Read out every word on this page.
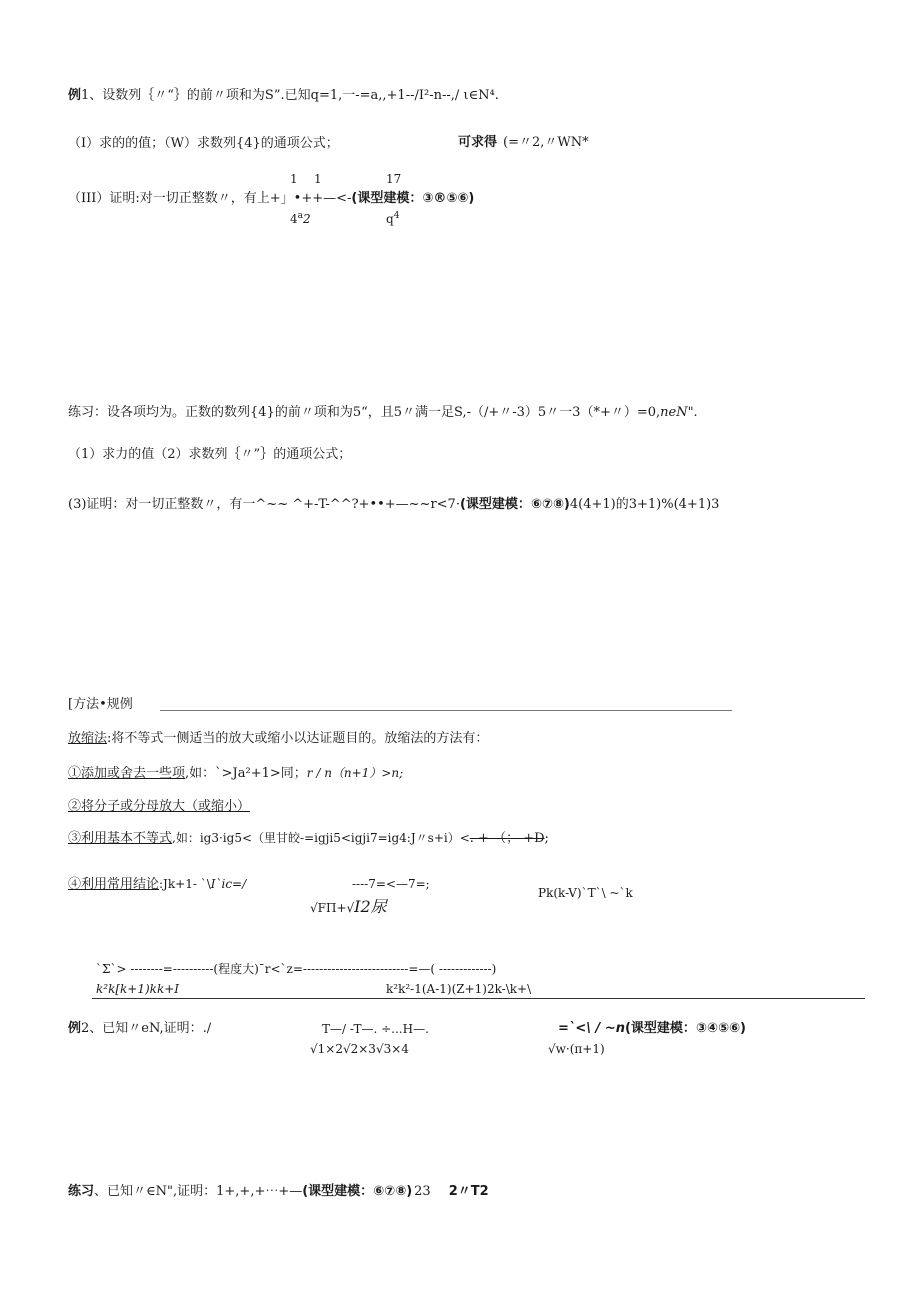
例1、设数列｛〃“｝的前〃项和为S”.已知q=1,一-=a,,+1--/I²-n--,/ ι∈N⁴.
（I）求的的值；（W）求数列{4}的通项公式；	可求得 (=〃2,〃WN*
1 1	17
（III）证明:对一切正整数〃，有上+」•++—<-(课型建模：③®⑤⑥)
4$^a$2	$q^4$
练习：设各项均为。正数的数列{4}的前〃项和为5“，且5〃满一足S,-（/+〃-3）5〃一3（*+〃）=0,neN".
（1）求力的值（2）求数列｛〃”｝的通项公式；
(3)证明：对一切正整数〃，有一^~~ ^+-T-^^?+••+—~~r<7·(课型建模：⑥⑦⑧)4(4+1)的3+1)%(4+1)3
[方法•规例
放缩法:将不等式一侧适当的放大或缩小以达证题目的。放缩法的方法有：
①添加或舍去一些项,如：`>Ja²+1>同；r / n（n+1）>n;
②将分子或分母放大（或缩小）
③利用基本不等式,如：ig3·ig5<（里甘皎-=igji5<igji7=ig4:J〃s+i）<. + （； +D;
④利用常用结论:Jk+1- `\I`ic=/	----7=<—7=;
Pk(k-V)`T`\ ~`k
√FΠ+√I2尿
`Σ`> --------=----------(程度大)¯r<`z=--------------------------=—( -------------)
k²k[k+1)kk+I	k²k²-1(A-1)(Z+1)2k-\k+\
例2、已知〃eN,证明：./	T—/ -T—. ÷...H—.	=`<\ / ~n(课型建模：③④⑤⑥)
√1×2√2×3√3×4	√w·(π+1)
练习、已知〃∈N",证明：1+,+,+⋯+—(课型建模：⑥⑦⑧) 23 2〃T2
